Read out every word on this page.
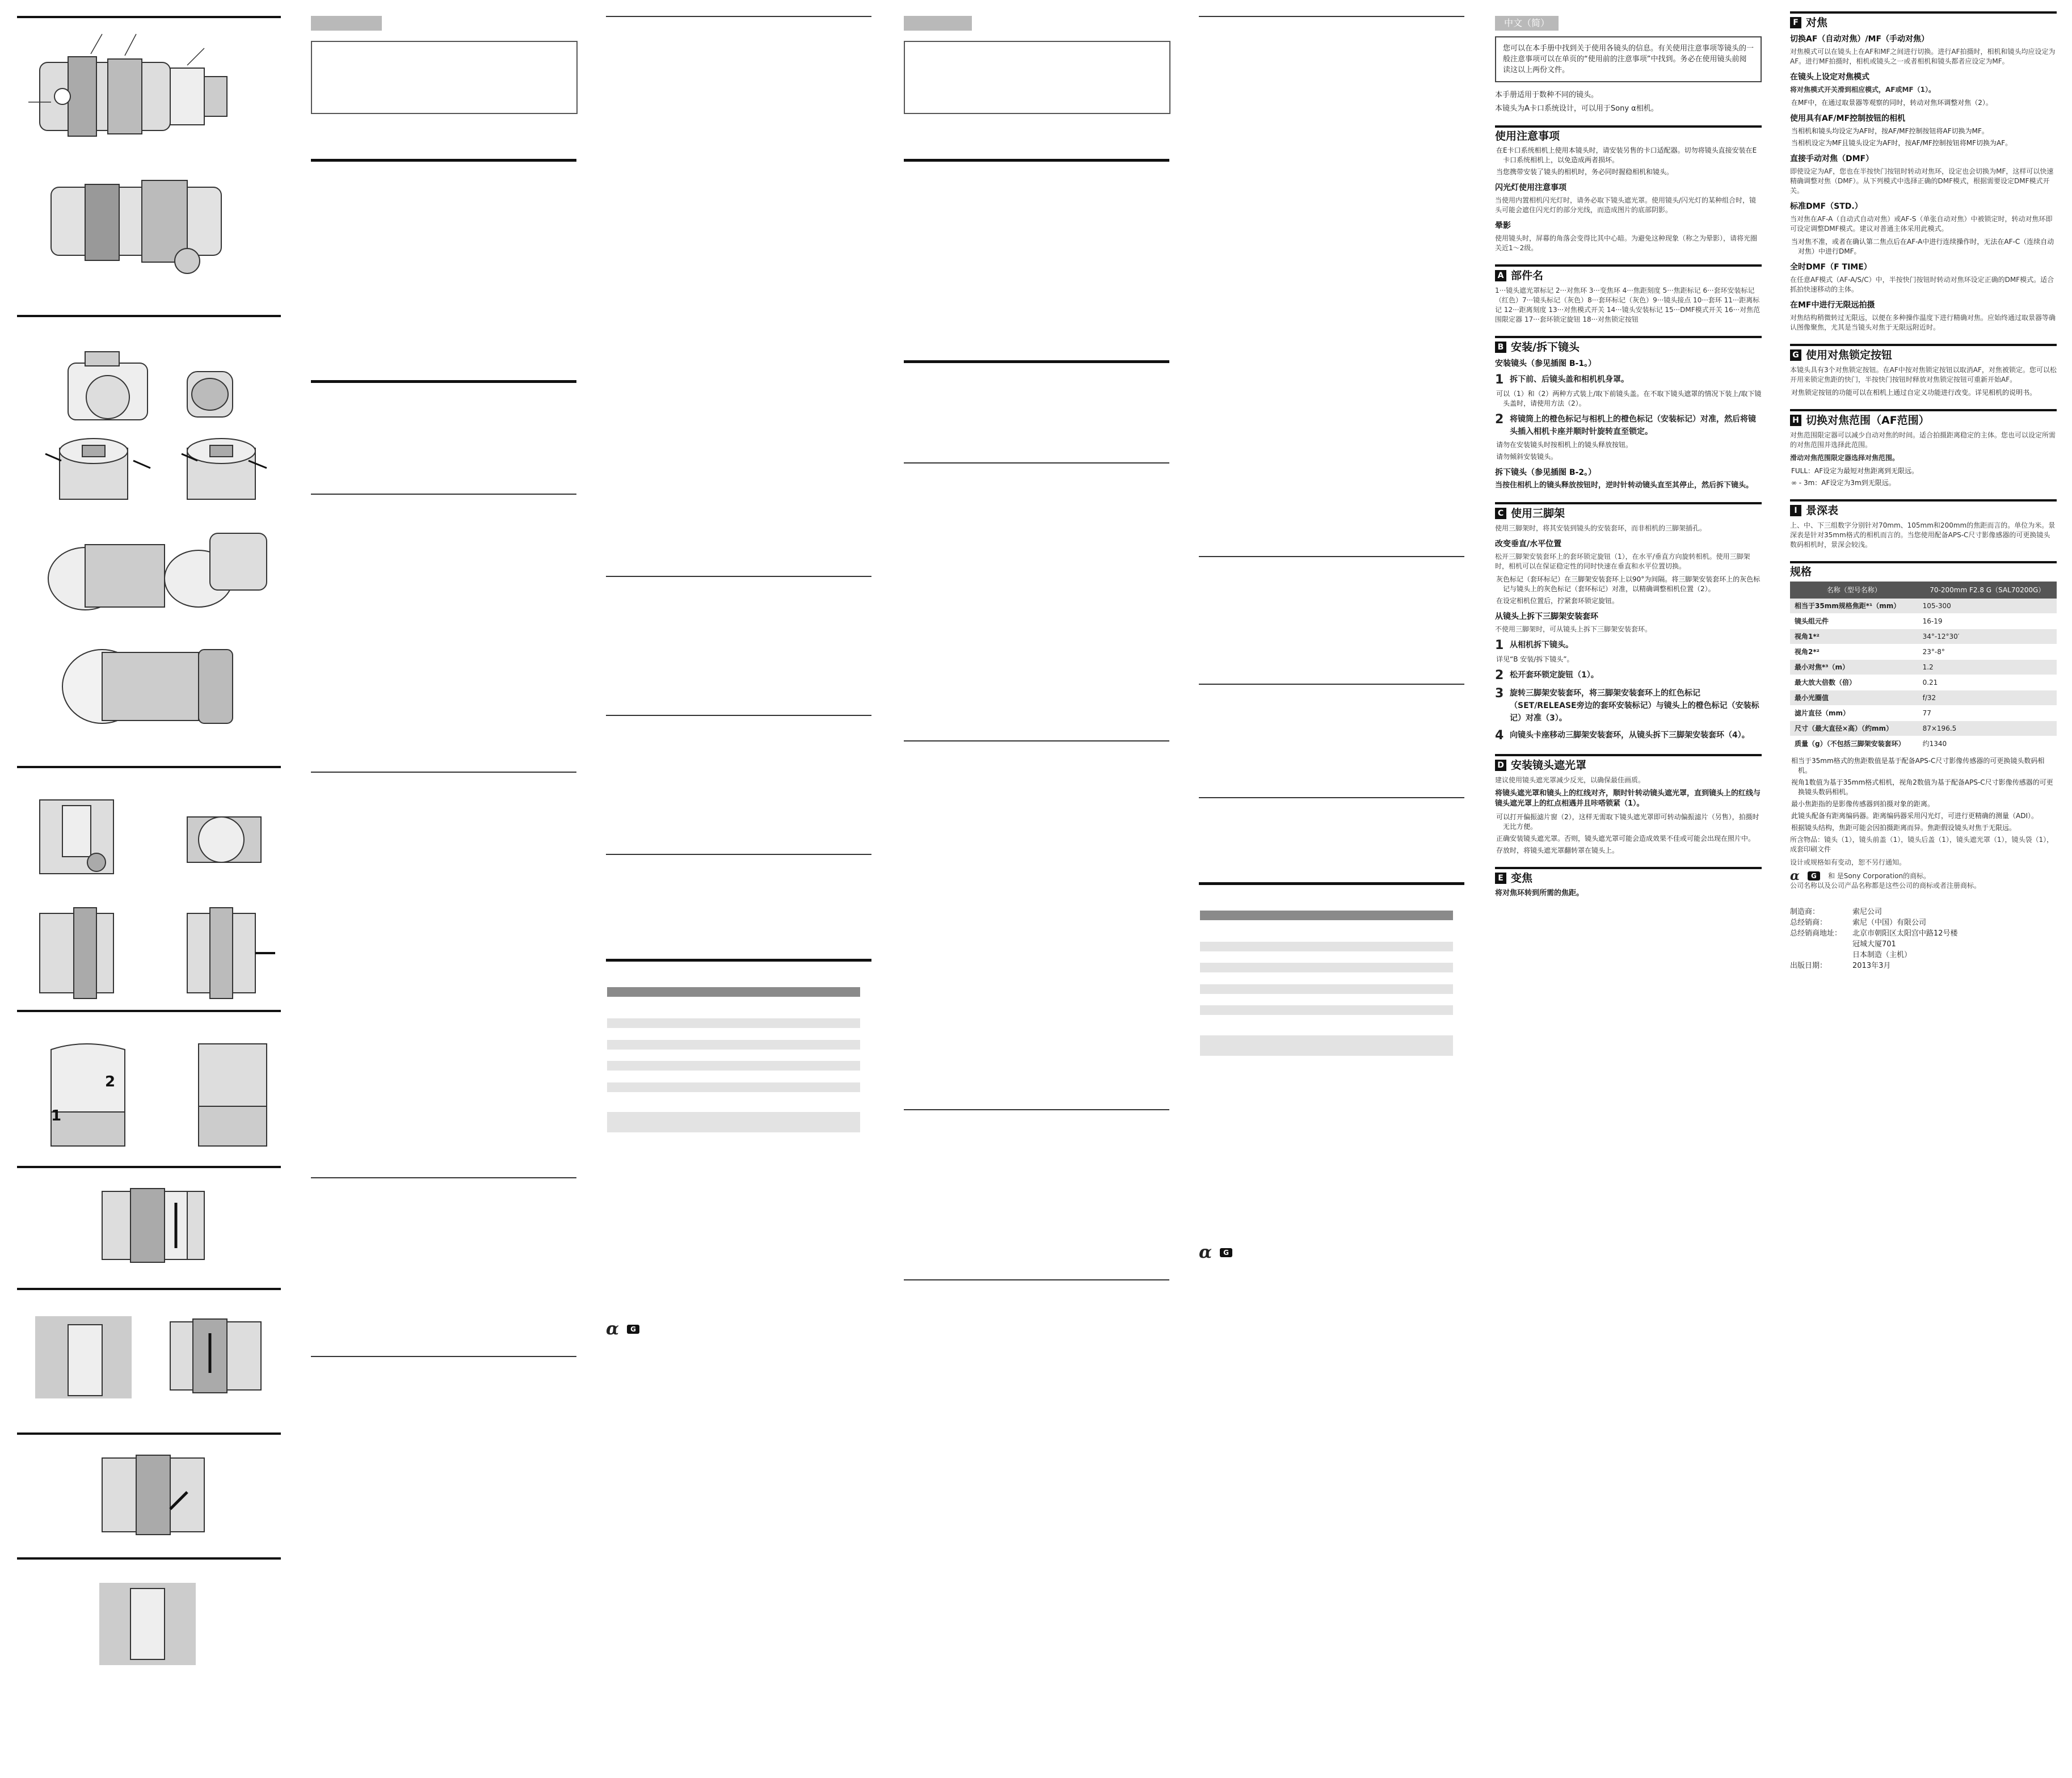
2
1
α	G
α	G
中文（简）
您可以在本手册中找到关于使用各镜头的信息。有关使用注意事项等镜头的一般注意事项可以在单页的“使用前的注意事项”中找到。务必在使用镜头前阅读这以上两份文件。

本手册适用于数种不同的镜头。

本镜头为A卡口系统设计，可以用于Sony α相机。

使用注意事项

在E卡口系统相机上使用本镜头时，请安装另售的卡口适配器。切勿将镜头直接安装在E卡口系统相机上，以免造成两者损坏。

当您携带安装了镜头的相机时，务必同时握稳相机和镜头。

闪光灯使用注意事项

当使用内置相机闪光灯时，请务必取下镜头遮光罩。使用镜头/闪光灯的某种组合时，镜头可能会遮住闪光灯的部分光线，而造成图片的底部阴影。

晕影

使用镜头时，屏幕的角落会变得比其中心暗。为避免这种现象（称之为晕影），请将光圈关近1～2级。

A 部件名

1···镜头遮光罩标记 2···对焦环 3···变焦环 4···焦距刻度 5···焦距标记 6···套环安装标记（红色）7···镜头标记（灰色）8···套环标记（灰色）9···镜头接点 10···套环 11···距离标记 12···距离刻度 13···对焦模式开关 14···镜头安装标记 15···DMF模式开关 16···对焦范围限定器 17···套环锁定旋钮 18···对焦锁定按钮

B 安装/拆下镜头
安装镜头（参见插图 B-1。）
1 拆下前、后镜头盖和相机机身罩。

可以（1）和（2）两种方式装上/取下前镜头盖。在不取下镜头遮罩的情况下装上/取下镜头盖时，请使用方法（2）。

2 将镜筒上的橙色标记与相机上的橙色标记（安装标记）对准，然后将镜头插入相机卡座并顺时针旋转直至锁定。

请勿在安装镜头时按相机上的镜头释放按钮。

请勿倾斜安装镜头。

拆下镜头（参见插图 B-2。）

当按住相机上的镜头释放按钮时，逆时针转动镜头直至其停止，然后拆下镜头。

C 使用三脚架

使用三脚架时，将其安装到镜头的安装套环，而非相机的三脚架插孔。

改变垂直/水平位置

松开三脚架安装套环上的套环锁定旋钮（1），在水平/垂直方向旋转相机。使用三脚架时，相机可以在保证稳定性的同时快速在垂直和水平位置切换。

灰色标记（套环标记）在三脚架安装套环上以90°为间隔。将三脚架安装套环上的灰色标记与镜头上的灰色标记（套环标记）对准，以精确调整相机位置（2）。

在设定相机位置后，拧紧套环锁定旋钮。

从镜头上拆下三脚架安装套环

不使用三脚架时，可从镜头上拆下三脚架安装套环。

1 从相机拆下镜头。

详见“B 安装/拆下镜头”。

2 松开套环锁定旋钮（1）。
3 旋转三脚架安装套环，将三脚架安装套环上的红色标记（SET/RELEASE旁边的套环安装标记）与镜头上的橙色标记（安装标记）对准（3）。
4 向镜头卡座移动三脚架安装套环，从镜头拆下三脚架安装套环（4）。
D 安装镜头遮光罩

建议使用镜头遮光罩减少反光，以确保最佳画质。

将镜头遮光罩和镜头上的红线对齐，顺时针转动镜头遮光罩，直到镜头上的红线与镜头遮光罩上的红点相遇并且咔嗒锁紧（1）。

可以打开偏振滤片窗（2），这样无需取下镜头遮光罩即可转动偏振滤片（另售），拍摄时无比方便。

正确安装镜头遮光罩。否则，镜头遮光罩可能会造成效果不佳或可能会出现在照片中。

存放时，将镜头遮光罩翻转罩在镜头上。

E 变焦

将对焦环转到所需的焦距。

F 对焦
切换AF（自动对焦）/MF（手动对焦）

对焦模式可以在镜头上在AF和MF之间进行切换。进行AF拍摄时，相机和镜头均应设定为AF。进行MF拍摄时，相机或镜头之一或者相机和镜头都者应设定为MF。

在镜头上设定对焦模式

将对焦模式开关滑到相应模式，AF或MF（1）。

在MF中，在通过取景器等观察的同时，转动对焦环调整对焦（2）。

使用具有AF/MF控制按钮的相机

当相机和镜头均设定为AF时，按AF/MF控制按钮将AF切换为MF。

当相机设定为MF且镜头设定为AF时，按AF/MF控制按钮将MF切换为AF。

直接手动对焦（DMF）

即使设定为AF，您也在半按快门按钮时转动对焦环，设定也会切换为MF，这样可以快速精确调整对焦（DMF）。从下列模式中选择正确的DMF模式，根据需要设定DMF模式开关。

标准DMF（STD.）

当对焦在AF-A（自动式自动对焦）或AF-S（单张自动对焦）中被锁定时，转动对焦环即可设定调整DMF模式。建议对普通主体采用此模式。

当对焦不准，或者在确认第二焦点后在AF-A中进行连续操作时，无法在AF-C（连续自动对焦）中进行DMF。

全时DMF（F TIME）

在任意AF模式（AF-A/S/C）中，半按快门按钮时转动对焦环设定正确的DMF模式。适合抓拍快速移动的主体。

在MF中进行无限远拍摄

对焦结构稍微转过无限远，以便在多种操作温度下进行精确对焦。应始终通过取景器等确认图像聚焦，尤其是当镜头对焦于无限远附近时。

G 使用对焦锁定按钮

本镜头具有3个对焦锁定按钮。在AF中按对焦锁定按钮以取消AF，对焦被锁定。您可以松开用来锁定焦距的快门，半按快门按钮时释放对焦锁定按钮可重新开始AF。

对焦锁定按钮的功能可以在相机上通过自定义功能进行改变。详见相机的说明书。

H 切换对焦范围（AF范围）

对焦范围限定器可以减少自动对焦的时间。适合拍摄距离稳定的主体。您也可以设定所需的对焦范围并选择此范围。

滑动对焦范围限定器选择对焦范围。

FULL：AF设定为最短对焦距离到无限远。

∞ - 3m：AF设定为3m到无限远。

I 景深表

上、中、下三组数字分别针对70mm、105mm和200mm的焦距而言的。单位为米。景深表是针对35mm格式的相机而言的。当您使用配备APS-C尺寸影像感器的可更换镜头数码相机时，景深会较浅。

规格
名称（型号名称）	70-200mm F2.8 G（SAL70200G）
相当于35mm规格焦距*¹（mm）	105-300
镜头组元件	16-19
视角1*²	34°-12°30′
视角2*²	23°-8°
最小对焦*³（m）	1.2
最大放大倍数（倍）	0.21
最小光圈值	f/32
滤片直径（mm）	77
尺寸（最大直径×高）（约mm）	87×196.5
质量（g）（不包括三脚架安装套环）	约1340

相当于35mm格式的焦距数值是基于配备APS-C尺寸影像传感器的可更换镜头数码相机。

视角1数值为基于35mm格式相机，视角2数值为基于配备APS-C尺寸影像传感器的可更换镜头数码相机。

最小焦距指的是影像传感器到拍摄对象的距离。

此镜头配备有距离编码器。距离编码器采用闪光灯，可进行更精确的测量（ADI）。

根据镜头结构，焦距可能会因拍摄距离而异。焦距假设镜头对焦于无限远。

所含物品：镜头（1），镜头前盖（1），镜头后盖（1），镜头遮光罩（1），镜头袋（1），成套印刷文件

设计或规格如有变动，恕不另行通知。

α	G	和 是Sony Corporation的商标。

公司名称以及公司产品名称都是这些公司的商标或者注册商标。

制造商：	索尼公司
总经销商：	索尼（中国）有限公司
总经销商地址：	北京市朝阳区太阳宫中路12号楼
冠城大厦701
日本制造（主机）
出版日期：	2013年3月
